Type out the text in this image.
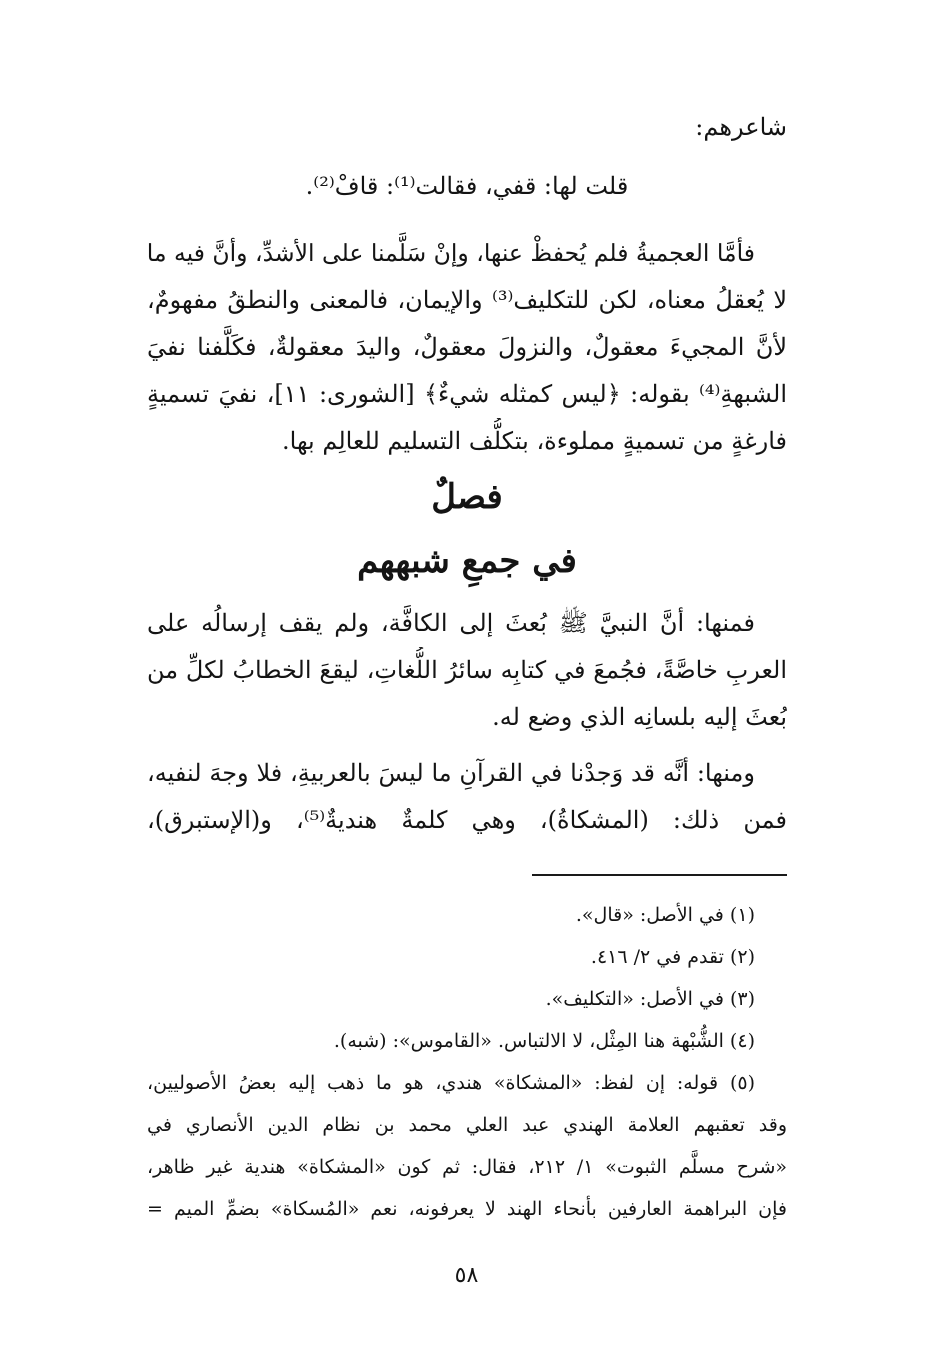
شاعرهم:
قلت لها: قفي، فقالت⁽¹⁾: قافْ⁽²⁾.
فأمَّا العجميةُ فلم يُحفظْ عنها، وإنْ سَلَّمنا على الأشدِّ، وأنَّ فيه ما
لا يُعقلُ معناه، لكن للتكليف⁽³⁾ والإيمان، فالمعنى والنطقُ مفهومٌ،
لأنَّ المجيءَ معقولٌ، والنزولَ معقولٌ، واليدَ معقولةٌ، فكَلَّفنا نفيَ
الشبهةِ⁽⁴⁾ بقوله: ﴿ليس كمثله شيءٌ﴾ [الشورى: ١١]، نفيَ تسميةٍ
فارغةٍ من تسميةٍ مملوءة، بتكلُّف التسليم للعالِم بها.
فصلٌ
في جمعِ شبههم
فمنها: أنَّ النبيَّ ﷺ بُعثَ إلى الكافَّة، ولم يقف إرسالُه على
العربِ خاصَّةً، فجُمعَ في كتابِه سائرُ اللُّغاتِ، ليقعَ الخطابُ لكلِّ من
بُعثَ إليه بلسانِه الذي وضع له.
ومنها: أنَّه قد وَجدْنا في القرآنِ ما ليسَ بالعربيةِ، فلا وجهَ لنفيه،
فمن ذلك: (المشكاةُ)، وهي كلمةٌ هنديةٌ⁽⁵⁾، و(الإستبرق)،
(١) في الأصل: «قال».
(٢) تقدم في ٢/ ٤١٦.
(٣) في الأصل: «التكليف».
(٤) الشُّبْهة هنا المِثْل، لا الالتباس. «القاموس»: (شبه).
(٥) قوله: إن لفظ: «المشكاة» هندي، هو ما ذهب إليه بعضُ الأصوليين،
وقد تعقبهم العلامة الهندي عبد العلي محمد بن نظام الدين الأنصاري في
«شرح مسلَّم الثبوت» ١/ ٢١٢، فقال: ثم كون «المشكاة» هندية غير ظاهر،
فإن البراهمة العارفين بأنحاء الهند لا يعرفونه، نعم «المُسكاة» بضمِّ الميم =
٥٨
